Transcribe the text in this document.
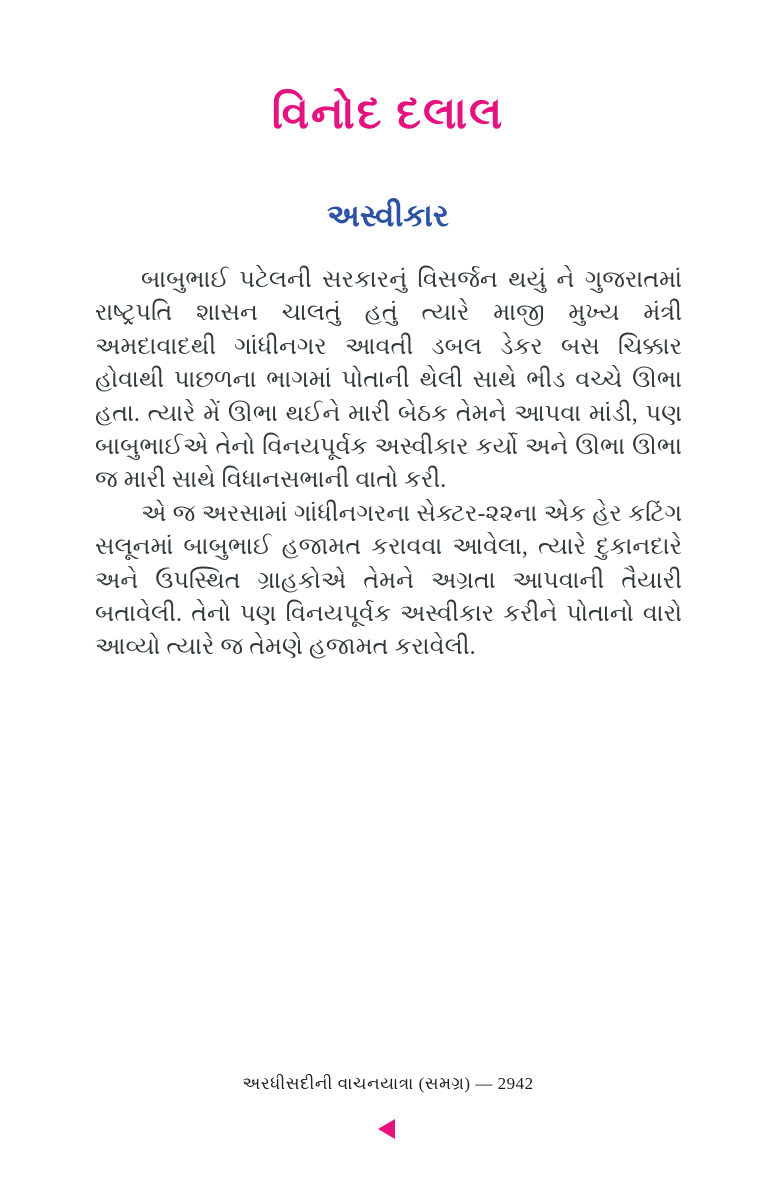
વિનોદ દલાલ
અસ્વીકાર

બાબુભાઈ પટેલની સરકારનું વિસર્જન થયું ને ગુજરાતમાં રાષ્ટ્રપતિ શાસન ચાલતું હતું ત્યારે માજી મુખ્ય મંત્રી અમદાવાદથી ગાંધીનગર આવતી ડબલ ડેકર બસ ચિક્કાર હોવાથી પાછળના ભાગમાં પોતાની થેલી સાથે ભીડ વચ્ચે ઊભા હતા. ત્યારે મેં ઊભા થઈને મારી બેઠક તેમને આપવા માંડી, પણ બાબુભાઈએ તેનો વિનયપૂર્વક અસ્વીકાર કર્યો અને ઊભા ઊભા જ મારી સાથે વિધાનસભાની વાતો કરી.

એ જ અરસામાં ગાંધીનગરના સેક્ટર-૨૨ના એક હેર કટિંગ સલૂનમાં બાબુભાઈ હજામત કરાવવા આવેલા, ત્યારે દુકાનદારે અને ઉપસ્થિત ગ્રાહકોએ તેમને અગ્રતા આપવાની તૈયારી બતાવેલી. તેનો પણ વિનયપૂર્વક અસ્વીકાર કરીને પોતાનો વારો આવ્યો ત્યારે જ તેમણે હજામત કરાવેલી.

અરધીસદીની વાચનયાત્રા (સમગ્ર) — 2942
